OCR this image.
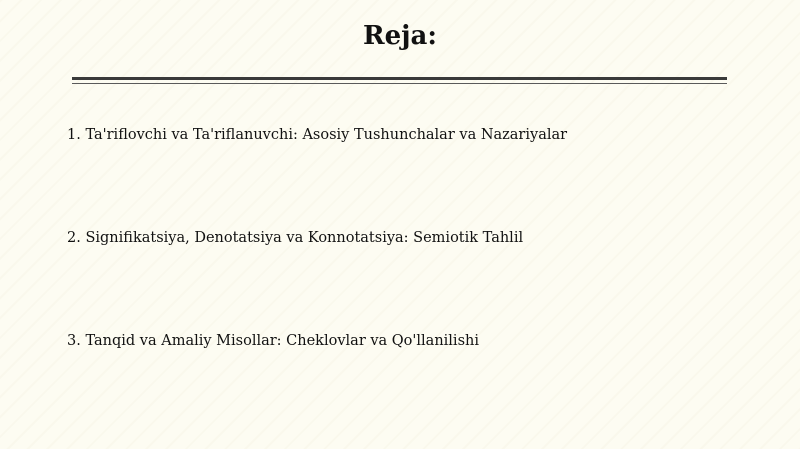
Reja:

1. Ta'riflovchi va Ta'riflanuvchi: Asosiy Tushunchalar va Nazariyalar

2. Signifikatsiya, Denotatsiya va Konnotatsiya: Semiotik Tahlil

3. Tanqid va Amaliy Misollar: Cheklovlar va Qo'llanilishi
